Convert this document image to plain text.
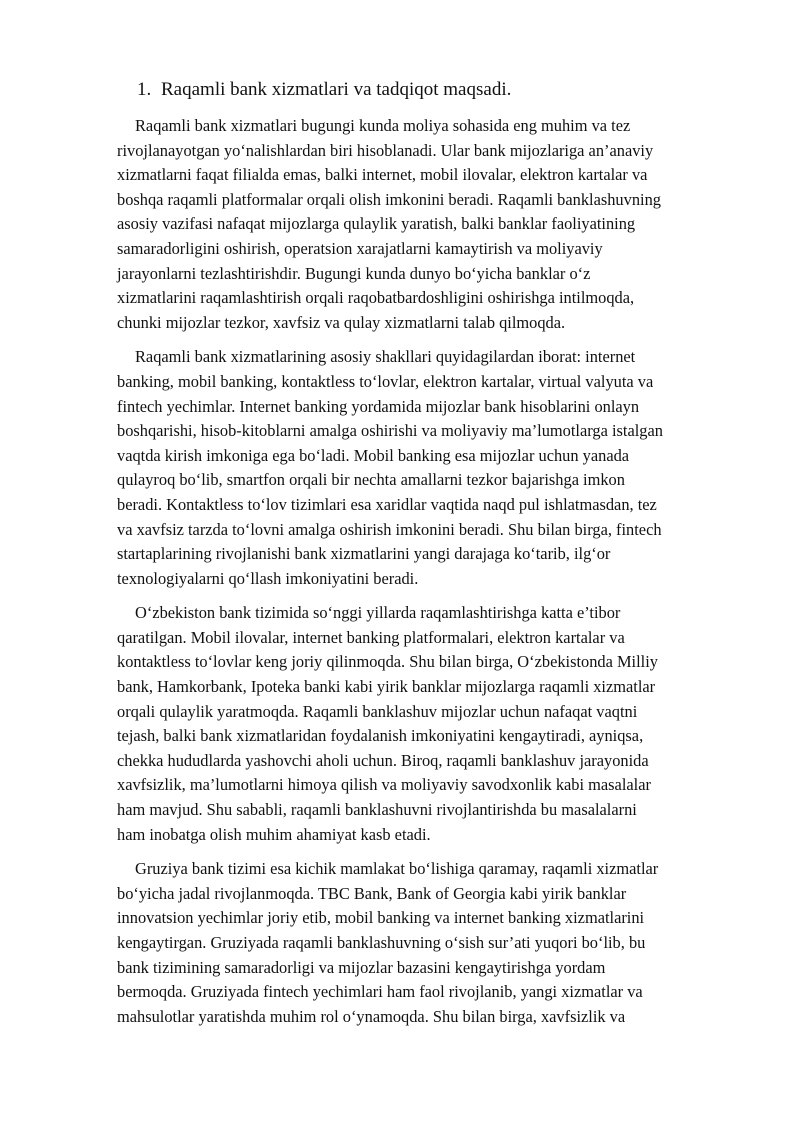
1. Raqamli bank xizmatlari va tadqiqot maqsadi.

Raqamli bank xizmatlari bugungi kunda moliya sohasida eng muhim va tez
rivojlanayotgan yo‘nalishlardan biri hisoblanadi. Ular bank mijozlariga an’anaviy
xizmatlarni faqat filialda emas, balki internet, mobil ilovalar, elektron kartalar va
boshqa raqamli platformalar orqali olish imkonini beradi. Raqamli banklashuvning
asosiy vazifasi nafaqat mijozlarga qulaylik yaratish, balki banklar faoliyatining
samaradorligini oshirish, operatsion xarajatlarni kamaytirish va moliyaviy
jarayonlarni tezlashtirishdir. Bugungi kunda dunyo bo‘yicha banklar o‘z
xizmatlarini raqamlashtirish orqali raqobatbardoshligini oshirishga intilmoqda,
chunki mijozlar tezkor, xavfsiz va qulay xizmatlarni talab qilmoqda.

Raqamli bank xizmatlarining asosiy shakllari quyidagilardan iborat: internet
banking, mobil banking, kontaktless to‘lovlar, elektron kartalar, virtual valyuta va
fintech yechimlar. Internet banking yordamida mijozlar bank hisoblarini onlayn
boshqarishi, hisob-kitoblarni amalga oshirishi va moliyaviy ma’lumotlarga istalgan
vaqtda kirish imkoniga ega bo‘ladi. Mobil banking esa mijozlar uchun yanada
qulayroq bo‘lib, smartfon orqali bir nechta amallarni tezkor bajarishga imkon
beradi. Kontaktless to‘lov tizimlari esa xaridlar vaqtida naqd pul ishlatmasdan, tez
va xavfsiz tarzda to‘lovni amalga oshirish imkonini beradi. Shu bilan birga, fintech
startaplarining rivojlanishi bank xizmatlarini yangi darajaga ko‘tarib, ilg‘or
texnologiyalarni qo‘llash imkoniyatini beradi.

O‘zbekiston bank tizimida so‘nggi yillarda raqamlashtirishga katta e’tibor
qaratilgan. Mobil ilovalar, internet banking platformalari, elektron kartalar va
kontaktless to‘lovlar keng joriy qilinmoqda. Shu bilan birga, O‘zbekistonda Milliy
bank, Hamkorbank, Ipoteka banki kabi yirik banklar mijozlarga raqamli xizmatlar
orqali qulaylik yaratmoqda. Raqamli banklashuv mijozlar uchun nafaqat vaqtni
tejash, balki bank xizmatlaridan foydalanish imkoniyatini kengaytiradi, ayniqsa,
chekka hududlarda yashovchi aholi uchun. Biroq, raqamli banklashuv jarayonida
xavfsizlik, ma’lumotlarni himoya qilish va moliyaviy savodxonlik kabi masalalar
ham mavjud. Shu sababli, raqamli banklashuvni rivojlantirishda bu masalalarni
ham inobatga olish muhim ahamiyat kasb etadi.

Gruziya bank tizimi esa kichik mamlakat bo‘lishiga qaramay, raqamli xizmatlar
bo‘yicha jadal rivojlanmoqda. TBC Bank, Bank of Georgia kabi yirik banklar
innovatsion yechimlar joriy etib, mobil banking va internet banking xizmatlarini
kengaytirgan. Gruziyada raqamli banklashuvning o‘sish sur’ati yuqori bo‘lib, bu
bank tizimining samaradorligi va mijozlar bazasini kengaytirishga yordam
bermoqda. Gruziyada fintech yechimlari ham faol rivojlanib, yangi xizmatlar va
mahsulotlar yaratishda muhim rol o‘ynamoqda. Shu bilan birga, xavfsizlik va
